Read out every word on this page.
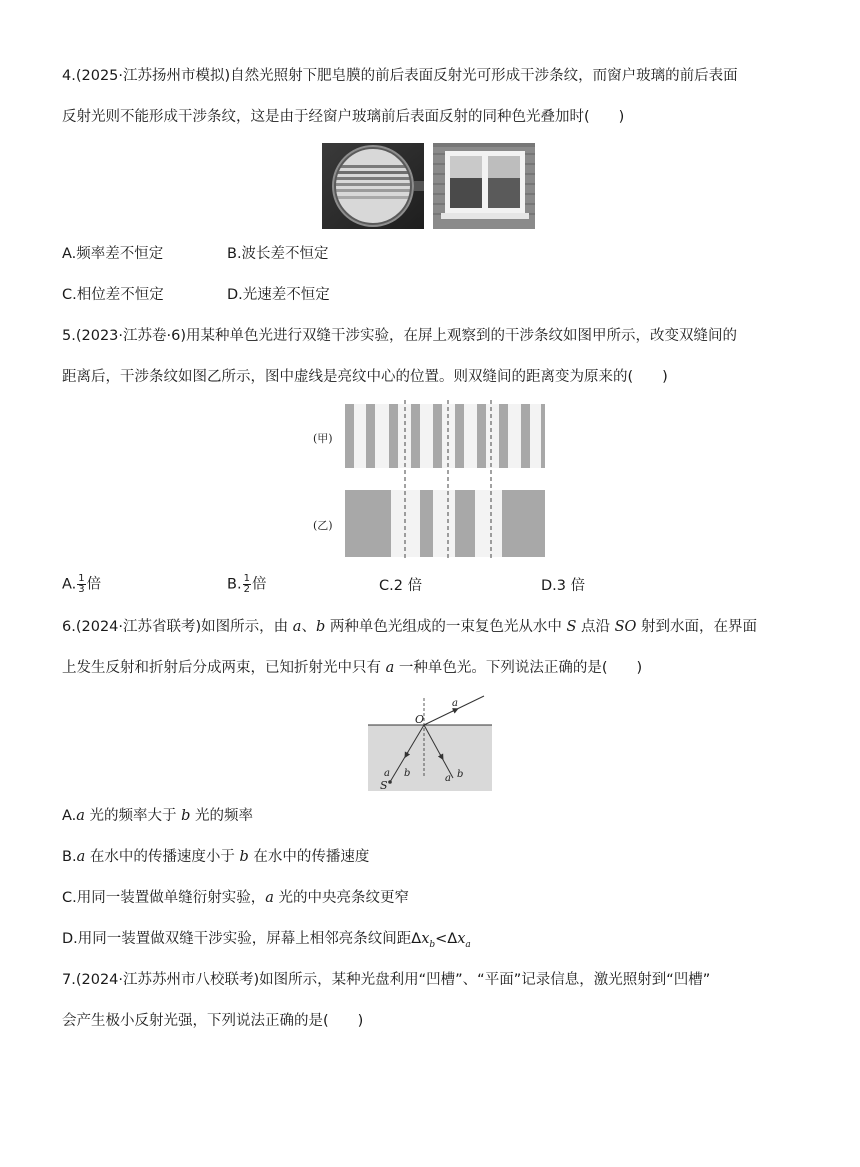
4.(2025·江苏扬州市模拟)自然光照射下肥皂膜的前后表面反射光可形成干涉条纹，而窗户玻璃的前后表面
反射光则不能形成干涉条纹，这是由于经窗户玻璃前后表面反射的同种色光叠加时(　　)
A.频率差不恒定	B.波长差不恒定
C.相位差不恒定	D.光速差不恒定
5.(2023·江苏卷·6)用某种单色光进行双缝干涉实验，在屏上观察到的干涉条纹如图甲所示，改变双缝间的
距离后，干涉条纹如图乙所示，图中虚线是亮纹中心的位置。则双缝间的距离变为原来的(　　)
(甲)
(乙)
A. $\frac{1}{3}$ 倍	B. $\frac{1}{2}$ 倍	C.2 倍	D.3 倍
6.(2024·江苏省联考)如图所示，由 a、b 两种单色光组成的一束复色光从水中 S 点沿 SO 射到水面，在界面
上发生反射和折射后分成两束，已知折射光中只有 a 一种单色光。下列说法正确的是(　　)
O
a
a b	a b
S
A.a 光的频率大于 b 光的频率
B.a 在水中的传播速度小于 b 在水中的传播速度
C.用同一装置做单缝衍射实验，a 光的中央亮条纹更窄
D.用同一装置做双缝干涉实验，屏幕上相邻亮条纹间距$\Delta x_b<\Delta x_a$
7.(2024·江苏苏州市八校联考)如图所示，某种光盘利用“凹槽”、“平面”记录信息，激光照射到“凹槽”
会产生极小反射光强，下列说法正确的是(　　)
